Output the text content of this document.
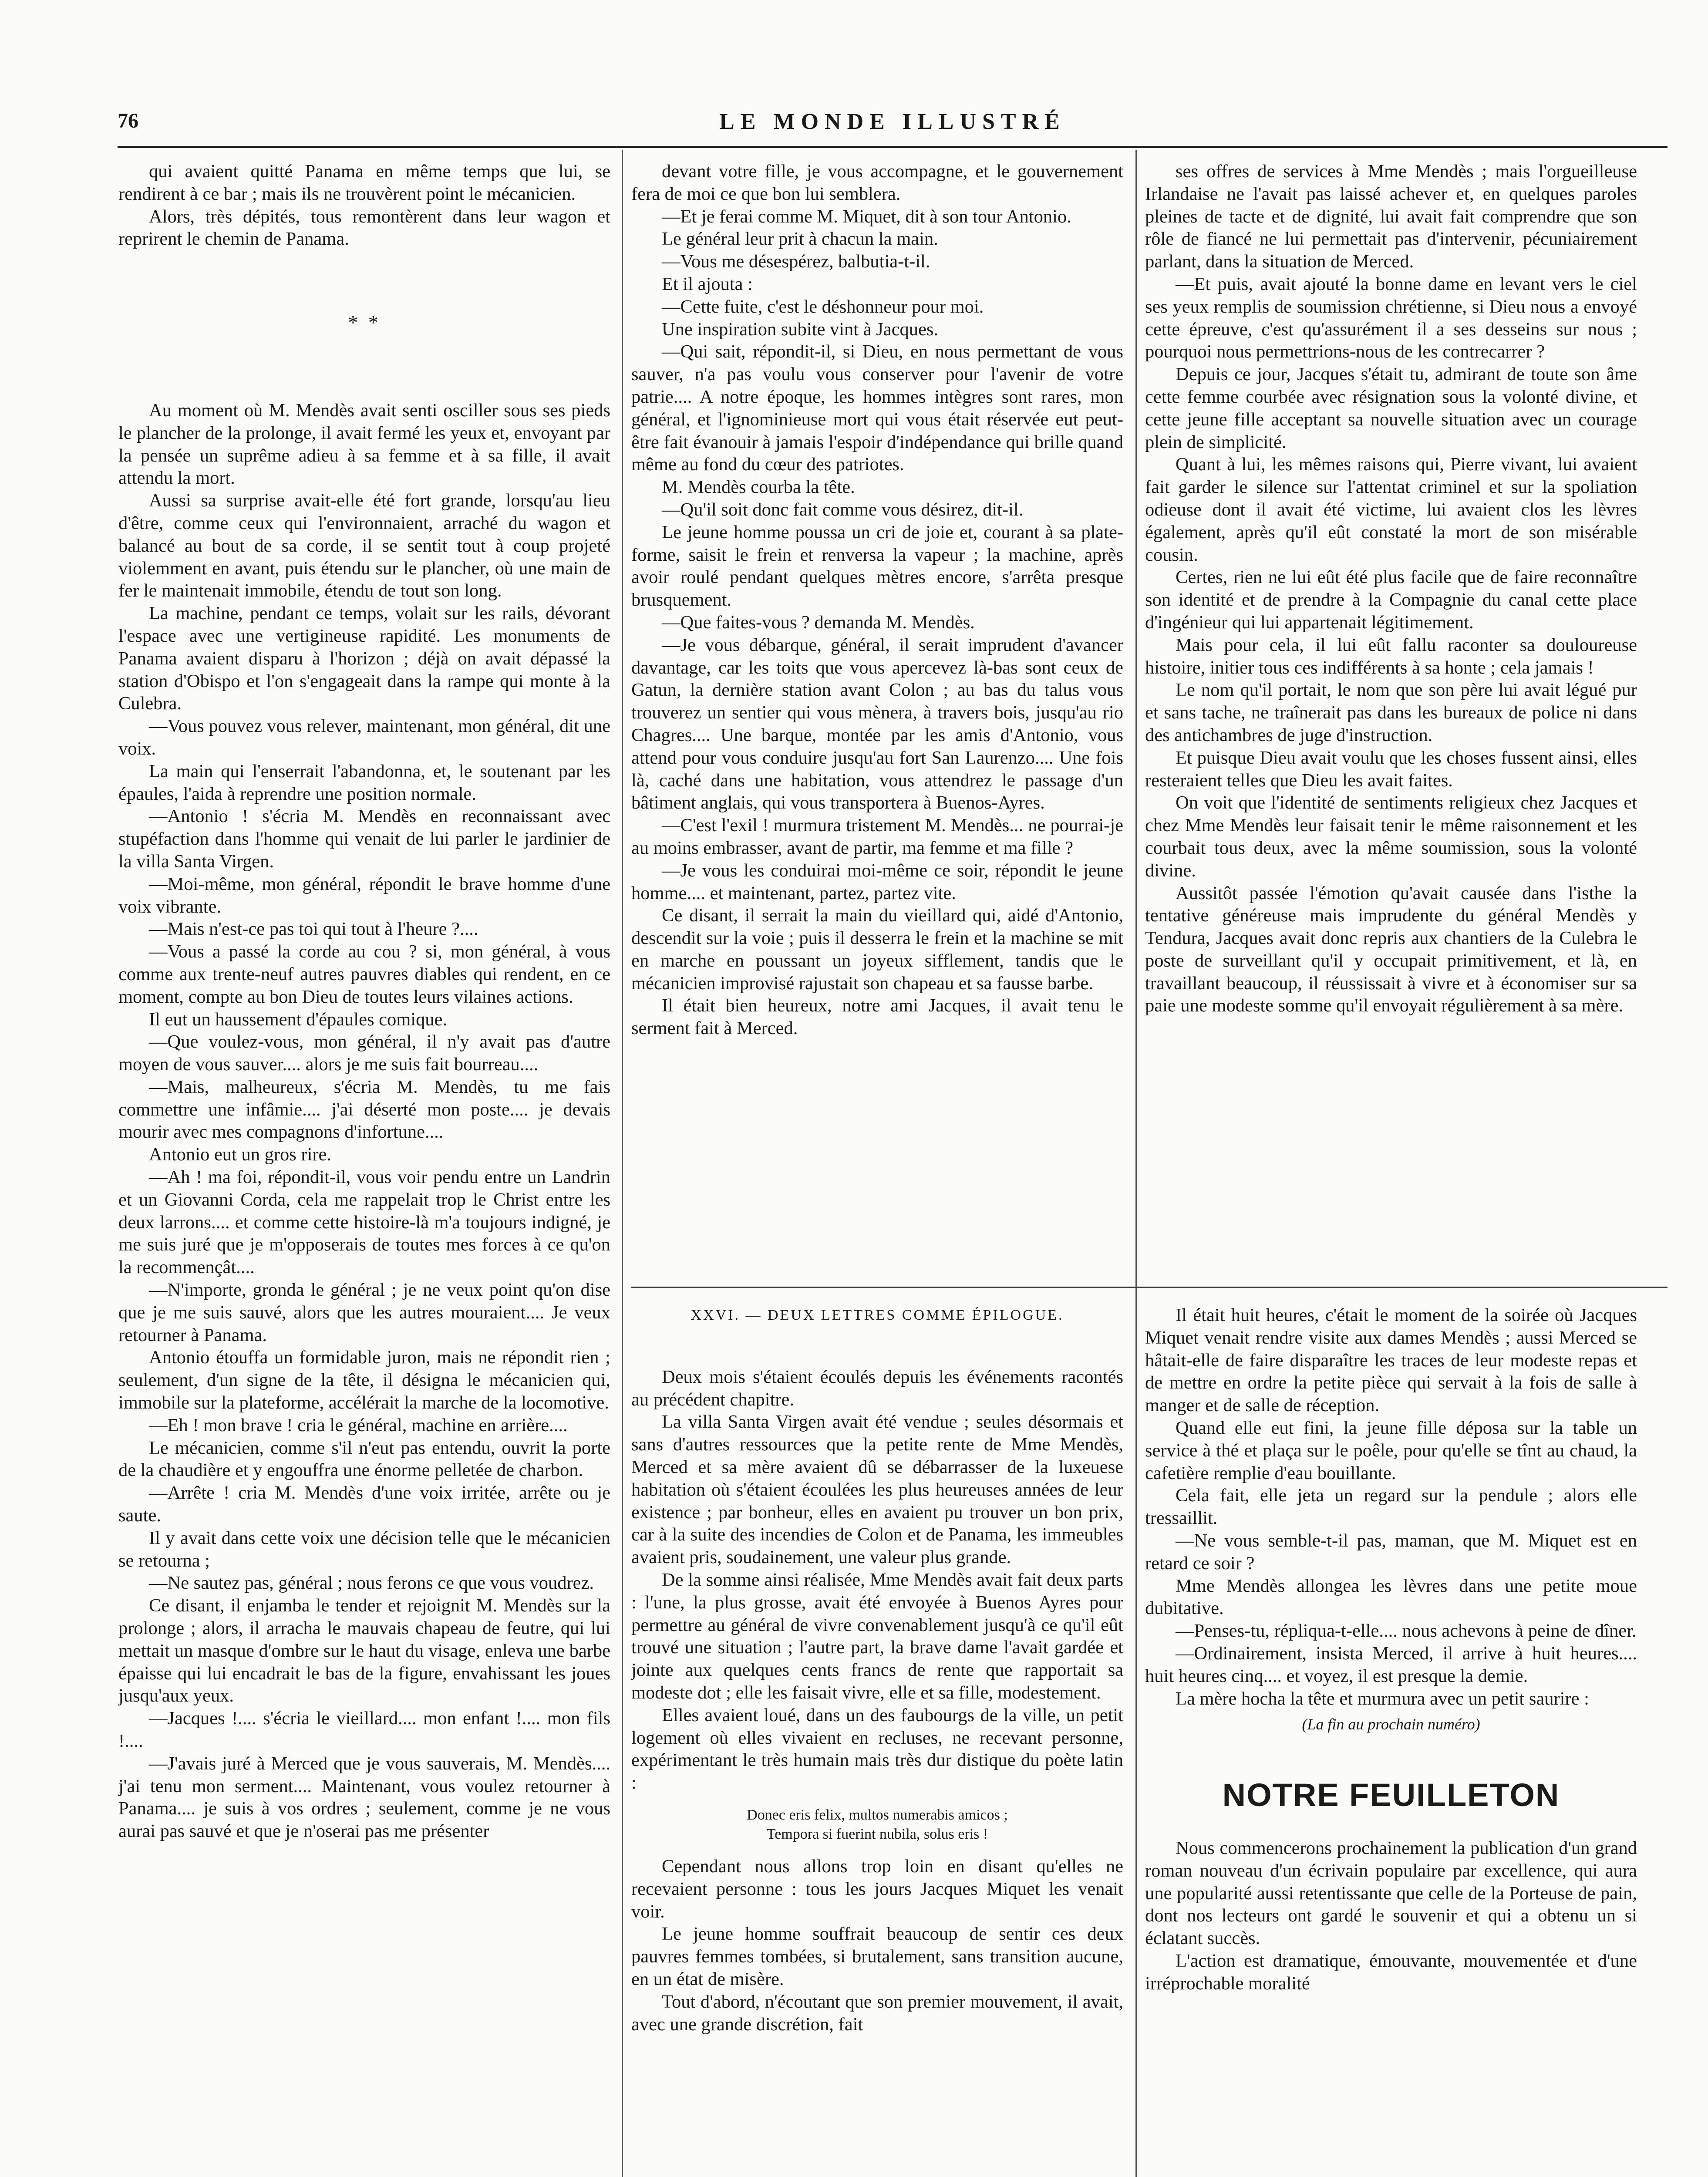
76	LE MONDE ILLUSTRÉ

qui avaient quitté Panama en même temps que lui, se rendirent à ce bar ; mais ils ne trouvèrent point le mécanicien.

Alors, très dépités, tous remontèrent dans leur wagon et reprirent le chemin de Panama.

* *

Au moment où M. Mendès avait senti osciller sous ses pieds le plancher de la prolonge, il avait fermé les yeux et, envoyant par la pensée un suprême adieu à sa femme et à sa fille, il avait attendu la mort.

Aussi sa surprise avait-elle été fort grande, lorsqu'au lieu d'être, comme ceux qui l'environnaient, arraché du wagon et balancé au bout de sa corde, il se sentit tout à coup projeté violemment en avant, puis étendu sur le plancher, où une main de fer le maintenait immobile, étendu de tout son long.

La machine, pendant ce temps, volait sur les rails, dévorant l'espace avec une vertigineuse rapidité. Les monuments de Panama avaient disparu à l'horizon ; déjà on avait dépassé la station d'Obispo et l'on s'engageait dans la rampe qui monte à la Culebra.

—Vous pouvez vous relever, maintenant, mon général, dit une voix.

La main qui l'enserrait l'abandonna, et, le soutenant par les épaules, l'aida à reprendre une position normale.

—Antonio ! s'écria M. Mendès en reconnaissant avec stupéfaction dans l'homme qui venait de lui parler le jardinier de la villa Santa Virgen.

—Moi-même, mon général, répondit le brave homme d'une voix vibrante.

—Mais n'est-ce pas toi qui tout à l'heure ?....

—Vous a passé la corde au cou ? si, mon général, à vous comme aux trente-neuf autres pauvres diables qui rendent, en ce moment, compte au bon Dieu de toutes leurs vilaines actions.

Il eut un haussement d'épaules comique.

—Que voulez-vous, mon général, il n'y avait pas d'autre moyen de vous sauver.... alors je me suis fait bourreau....

—Mais, malheureux, s'écria M. Mendès, tu me fais commettre une infâmie.... j'ai déserté mon poste.... je devais mourir avec mes compagnons d'infortune....

Antonio eut un gros rire.

—Ah ! ma foi, répondit-il, vous voir pendu entre un Landrin et un Giovanni Corda, cela me rappelait trop le Christ entre les deux larrons.... et comme cette histoire-là m'a toujours indigné, je me suis juré que je m'opposerais de toutes mes forces à ce qu'on la recommençât....

—N'importe, gronda le général ; je ne veux point qu'on dise que je me suis sauvé, alors que les autres mouraient.... Je veux retourner à Panama.

Antonio étouffa un formidable juron, mais ne répondit rien ; seulement, d'un signe de la tête, il désigna le mécanicien qui, immobile sur la plateforme, accélérait la marche de la locomotive.

—Eh ! mon brave ! cria le général, machine en arrière....

Le mécanicien, comme s'il n'eut pas entendu, ouvrit la porte de la chaudière et y engouffra une énorme pelletée de charbon.

—Arrête ! cria M. Mendès d'une voix irritée, arrête ou je saute.

Il y avait dans cette voix une décision telle que le mécanicien se retourna ;

—Ne sautez pas, général ; nous ferons ce que vous voudrez.

Ce disant, il enjamba le tender et rejoignit M. Mendès sur la prolonge ; alors, il arracha le mauvais chapeau de feutre, qui lui mettait un masque d'ombre sur le haut du visage, enleva une barbe épaisse qui lui encadrait le bas de la figure, envahissant les joues jusqu'aux yeux.

—Jacques !.... s'écria le vieillard.... mon enfant !.... mon fils !....

—J'avais juré à Merced que je vous sauverais, M. Mendès.... j'ai tenu mon serment.... Maintenant, vous voulez retourner à Panama.... je suis à vos ordres ; seulement, comme je ne vous aurai pas sauvé et que je n'oserai pas me présenter

devant votre fille, je vous accompagne, et le gouvernement fera de moi ce que bon lui semblera.

—Et je ferai comme M. Miquet, dit à son tour Antonio.

Le général leur prit à chacun la main.

—Vous me désespérez, balbutia-t-il.

Et il ajouta :

—Cette fuite, c'est le déshonneur pour moi.

Une inspiration subite vint à Jacques.

—Qui sait, répondit-il, si Dieu, en nous permettant de vous sauver, n'a pas voulu vous conserver pour l'avenir de votre patrie.... A notre époque, les hommes intègres sont rares, mon général, et l'ignominieuse mort qui vous était réservée eut peut-être fait évanouir à jamais l'espoir d'indépendance qui brille quand même au fond du cœur des patriotes.

M. Mendès courba la tête.

—Qu'il soit donc fait comme vous désirez, dit-il.

Le jeune homme poussa un cri de joie et, courant à sa plate-forme, saisit le frein et renversa la vapeur ; la machine, après avoir roulé pendant quelques mètres encore, s'arrêta presque brusquement.

—Que faites-vous ? demanda M. Mendès.

—Je vous débarque, général, il serait imprudent d'avancer davantage, car les toits que vous apercevez là-bas sont ceux de Gatun, la dernière station avant Colon ; au bas du talus vous trouverez un sentier qui vous mènera, à travers bois, jusqu'au rio Chagres.... Une barque, montée par les amis d'Antonio, vous attend pour vous conduire jusqu'au fort San Laurenzo.... Une fois là, caché dans une habitation, vous attendrez le passage d'un bâtiment anglais, qui vous transportera à Buenos-Ayres.

—C'est l'exil ! murmura tristement M. Mendès... ne pourrai-je au moins embrasser, avant de partir, ma femme et ma fille ?

—Je vous les conduirai moi-même ce soir, répondit le jeune homme.... et maintenant, partez, partez vite.

Ce disant, il serrait la main du vieillard qui, aidé d'Antonio, descendit sur la voie ; puis il desserra le frein et la machine se mit en marche en poussant un joyeux sifflement, tandis que le mécanicien improvisé rajustait son chapeau et sa fausse barbe.

Il était bien heureux, notre ami Jacques, il avait tenu le serment fait à Merced.

ses offres de services à Mme Mendès ; mais l'orgueilleuse Irlandaise ne l'avait pas laissé achever et, en quelques paroles pleines de tacte et de dignité, lui avait fait comprendre que son rôle de fiancé ne lui permettait pas d'intervenir, pécuniairement parlant, dans la situation de Merced.

—Et puis, avait ajouté la bonne dame en levant vers le ciel ses yeux remplis de soumission chrétienne, si Dieu nous a envoyé cette épreuve, c'est qu'assurément il a ses desseins sur nous ; pourquoi nous permettrions-nous de les contrecarrer ?

Depuis ce jour, Jacques s'était tu, admirant de toute son âme cette femme courbée avec résignation sous la volonté divine, et cette jeune fille acceptant sa nouvelle situation avec un courage plein de simplicité.

Quant à lui, les mêmes raisons qui, Pierre vivant, lui avaient fait garder le silence sur l'attentat criminel et sur la spoliation odieuse dont il avait été victime, lui avaient clos les lèvres également, après qu'il eût constaté la mort de son misérable cousin.

Certes, rien ne lui eût été plus facile que de faire reconnaître son identité et de prendre à la Compagnie du canal cette place d'ingénieur qui lui appartenait légitimement.

Mais pour cela, il lui eût fallu raconter sa douloureuse histoire, initier tous ces indifférents à sa honte ; cela jamais !

Le nom qu'il portait, le nom que son père lui avait légué pur et sans tache, ne traînerait pas dans les bureaux de police ni dans des antichambres de juge d'instruction.

Et puisque Dieu avait voulu que les choses fussent ainsi, elles resteraient telles que Dieu les avait faites.

On voit que l'identité de sentiments religieux chez Jacques et chez Mme Mendès leur faisait tenir le même raisonnement et les courbait tous deux, avec la même soumission, sous la volonté divine.

Aussitôt passée l'émotion qu'avait causée dans l'isthe la tentative généreuse mais imprudente du général Mendès y Tendura, Jacques avait donc repris aux chantiers de la Culebra le poste de surveillant qu'il y occupait primitivement, et là, en travaillant beaucoup, il réussissait à vivre et à économiser sur sa paie une modeste somme qu'il envoyait régulièrement à sa mère.

XXVI. — DEUX LETTRES COMME ÉPILOGUE.

Deux mois s'étaient écoulés depuis les événements racontés au précédent chapitre.

La villa Santa Virgen avait été vendue ; seules désormais et sans d'autres ressources que la petite rente de Mme Mendès, Merced et sa mère avaient dû se débarrasser de la luxeuese habitation où s'étaient écoulées les plus heureuses années de leur existence ; par bonheur, elles en avaient pu trouver un bon prix, car à la suite des incendies de Colon et de Panama, les immeubles avaient pris, soudainement, une valeur plus grande.

De la somme ainsi réalisée, Mme Mendès avait fait deux parts : l'une, la plus grosse, avait été envoyée à Buenos Ayres pour permettre au général de vivre convenablement jusqu'à ce qu'il eût trouvé une situation ; l'autre part, la brave dame l'avait gardée et jointe aux quelques cents francs de rente que rapportait sa modeste dot ; elle les faisait vivre, elle et sa fille, modestement.

Elles avaient loué, dans un des faubourgs de la ville, un petit logement où elles vivaient en recluses, ne recevant personne, expérimentant le très humain mais très dur distique du poète latin :

Donec eris felix, multos numerabis amicos ;
Tempora si fuerint nubila, solus eris !

Cependant nous allons trop loin en disant qu'elles ne recevaient personne : tous les jours Jacques Miquet les venait voir.

Le jeune homme souffrait beaucoup de sentir ces deux pauvres femmes tombées, si brutalement, sans transition aucune, en un état de misère.

Tout d'abord, n'écoutant que son premier mouvement, il avait, avec une grande discrétion, fait

Il était huit heures, c'était le moment de la soirée où Jacques Miquet venait rendre visite aux dames Mendès ; aussi Merced se hâtait-elle de faire disparaître les traces de leur modeste repas et de mettre en ordre la petite pièce qui servait à la fois de salle à manger et de salle de réception.

Quand elle eut fini, la jeune fille déposa sur la table un service à thé et plaça sur le poêle, pour qu'elle se tînt au chaud, la cafetière remplie d'eau bouillante.

Cela fait, elle jeta un regard sur la pendule ; alors elle tressaillit.

—Ne vous semble-t-il pas, maman, que M. Miquet est en retard ce soir ?

Mme Mendès allongea les lèvres dans une petite moue dubitative.

—Penses-tu, répliqua-t-elle.... nous achevons à peine de dîner.

—Ordinairement, insista Merced, il arrive à huit heures.... huit heures cinq.... et voyez, il est presque la demie.

La mère hocha la tête et murmura avec un petit saurire :

(La fin au prochain numéro)
NOTRE FEUILLETON

Nous commencerons prochainement la publication d'un grand roman nouveau d'un écrivain populaire par excellence, qui aura une popularité aussi retentissante que celle de la Porteuse de pain, dont nos lecteurs ont gardé le souvenir et qui a obtenu un si éclatant succès.

L'action est dramatique, émouvante, mouvementée et d'une irréprochable moralité
